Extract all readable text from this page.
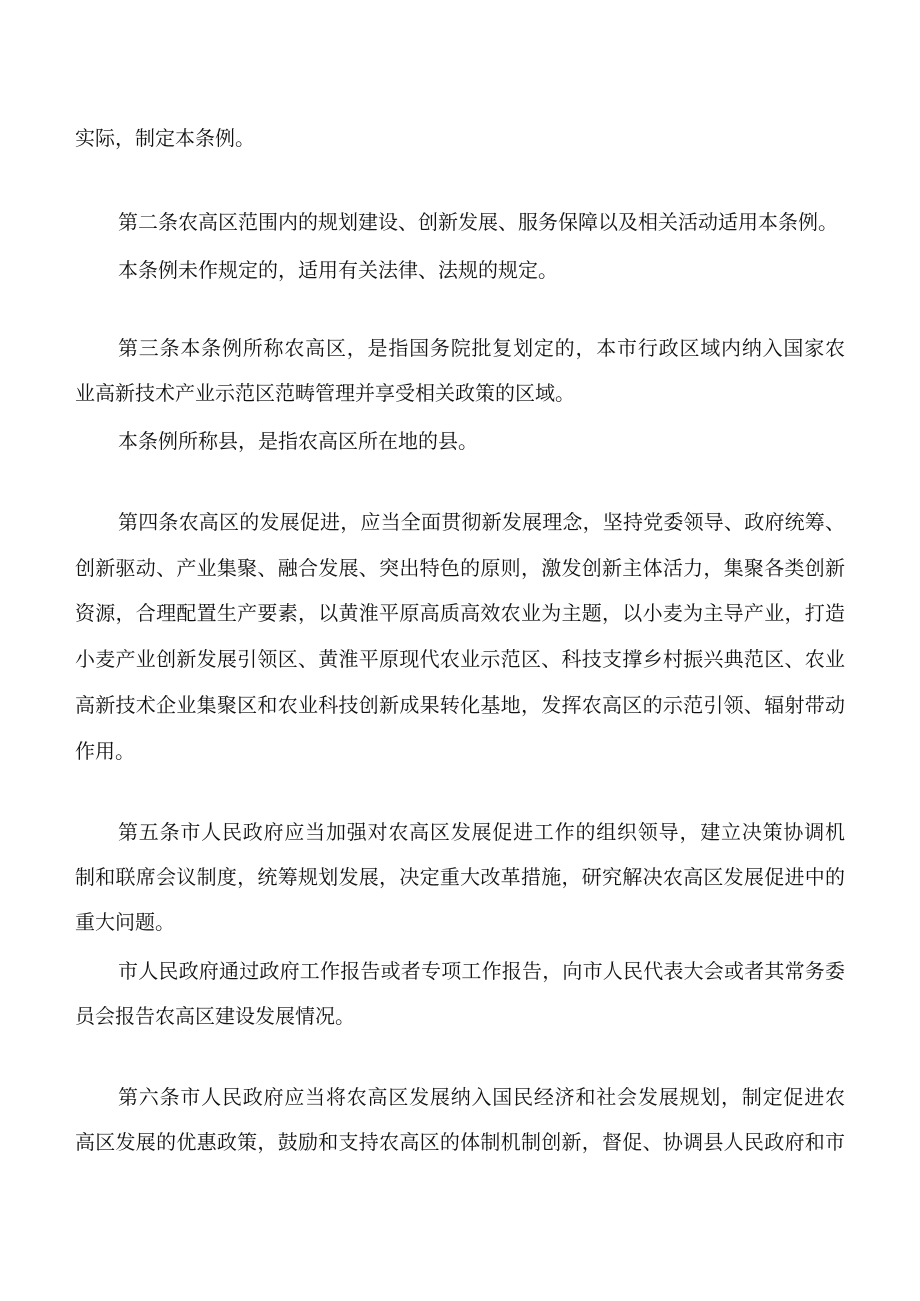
实际，制定本条例。
第二条农高区范围内的规划建设、创新发展、服务保障以及相关活动适用本条例。
本条例未作规定的，适用有关法律、法规的规定。
第三条本条例所称农高区，是指国务院批复划定的，本市行政区域内纳入国家农
业高新技术产业示范区范畴管理并享受相关政策的区域。
本条例所称县，是指农高区所在地的县。
第四条农高区的发展促进，应当全面贯彻新发展理念，坚持党委领导、政府统筹、
创新驱动、产业集聚、融合发展、突出特色的原则，激发创新主体活力，集聚各类创新
资源，合理配置生产要素，以黄淮平原高质高效农业为主题，以小麦为主导产业，打造
小麦产业创新发展引领区、黄淮平原现代农业示范区、科技支撑乡村振兴典范区、农业
高新技术企业集聚区和农业科技创新成果转化基地，发挥农高区的示范引领、辐射带动
作用。
第五条市人民政府应当加强对农高区发展促进工作的组织领导，建立决策协调机
制和联席会议制度，统筹规划发展，决定重大改革措施，研究解决农高区发展促进中的
重大问题。
市人民政府通过政府工作报告或者专项工作报告，向市人民代表大会或者其常务委
员会报告农高区建设发展情况。
第六条市人民政府应当将农高区发展纳入国民经济和社会发展规划，制定促进农
高区发展的优惠政策，鼓励和支持农高区的体制机制创新，督促、协调县人民政府和市
